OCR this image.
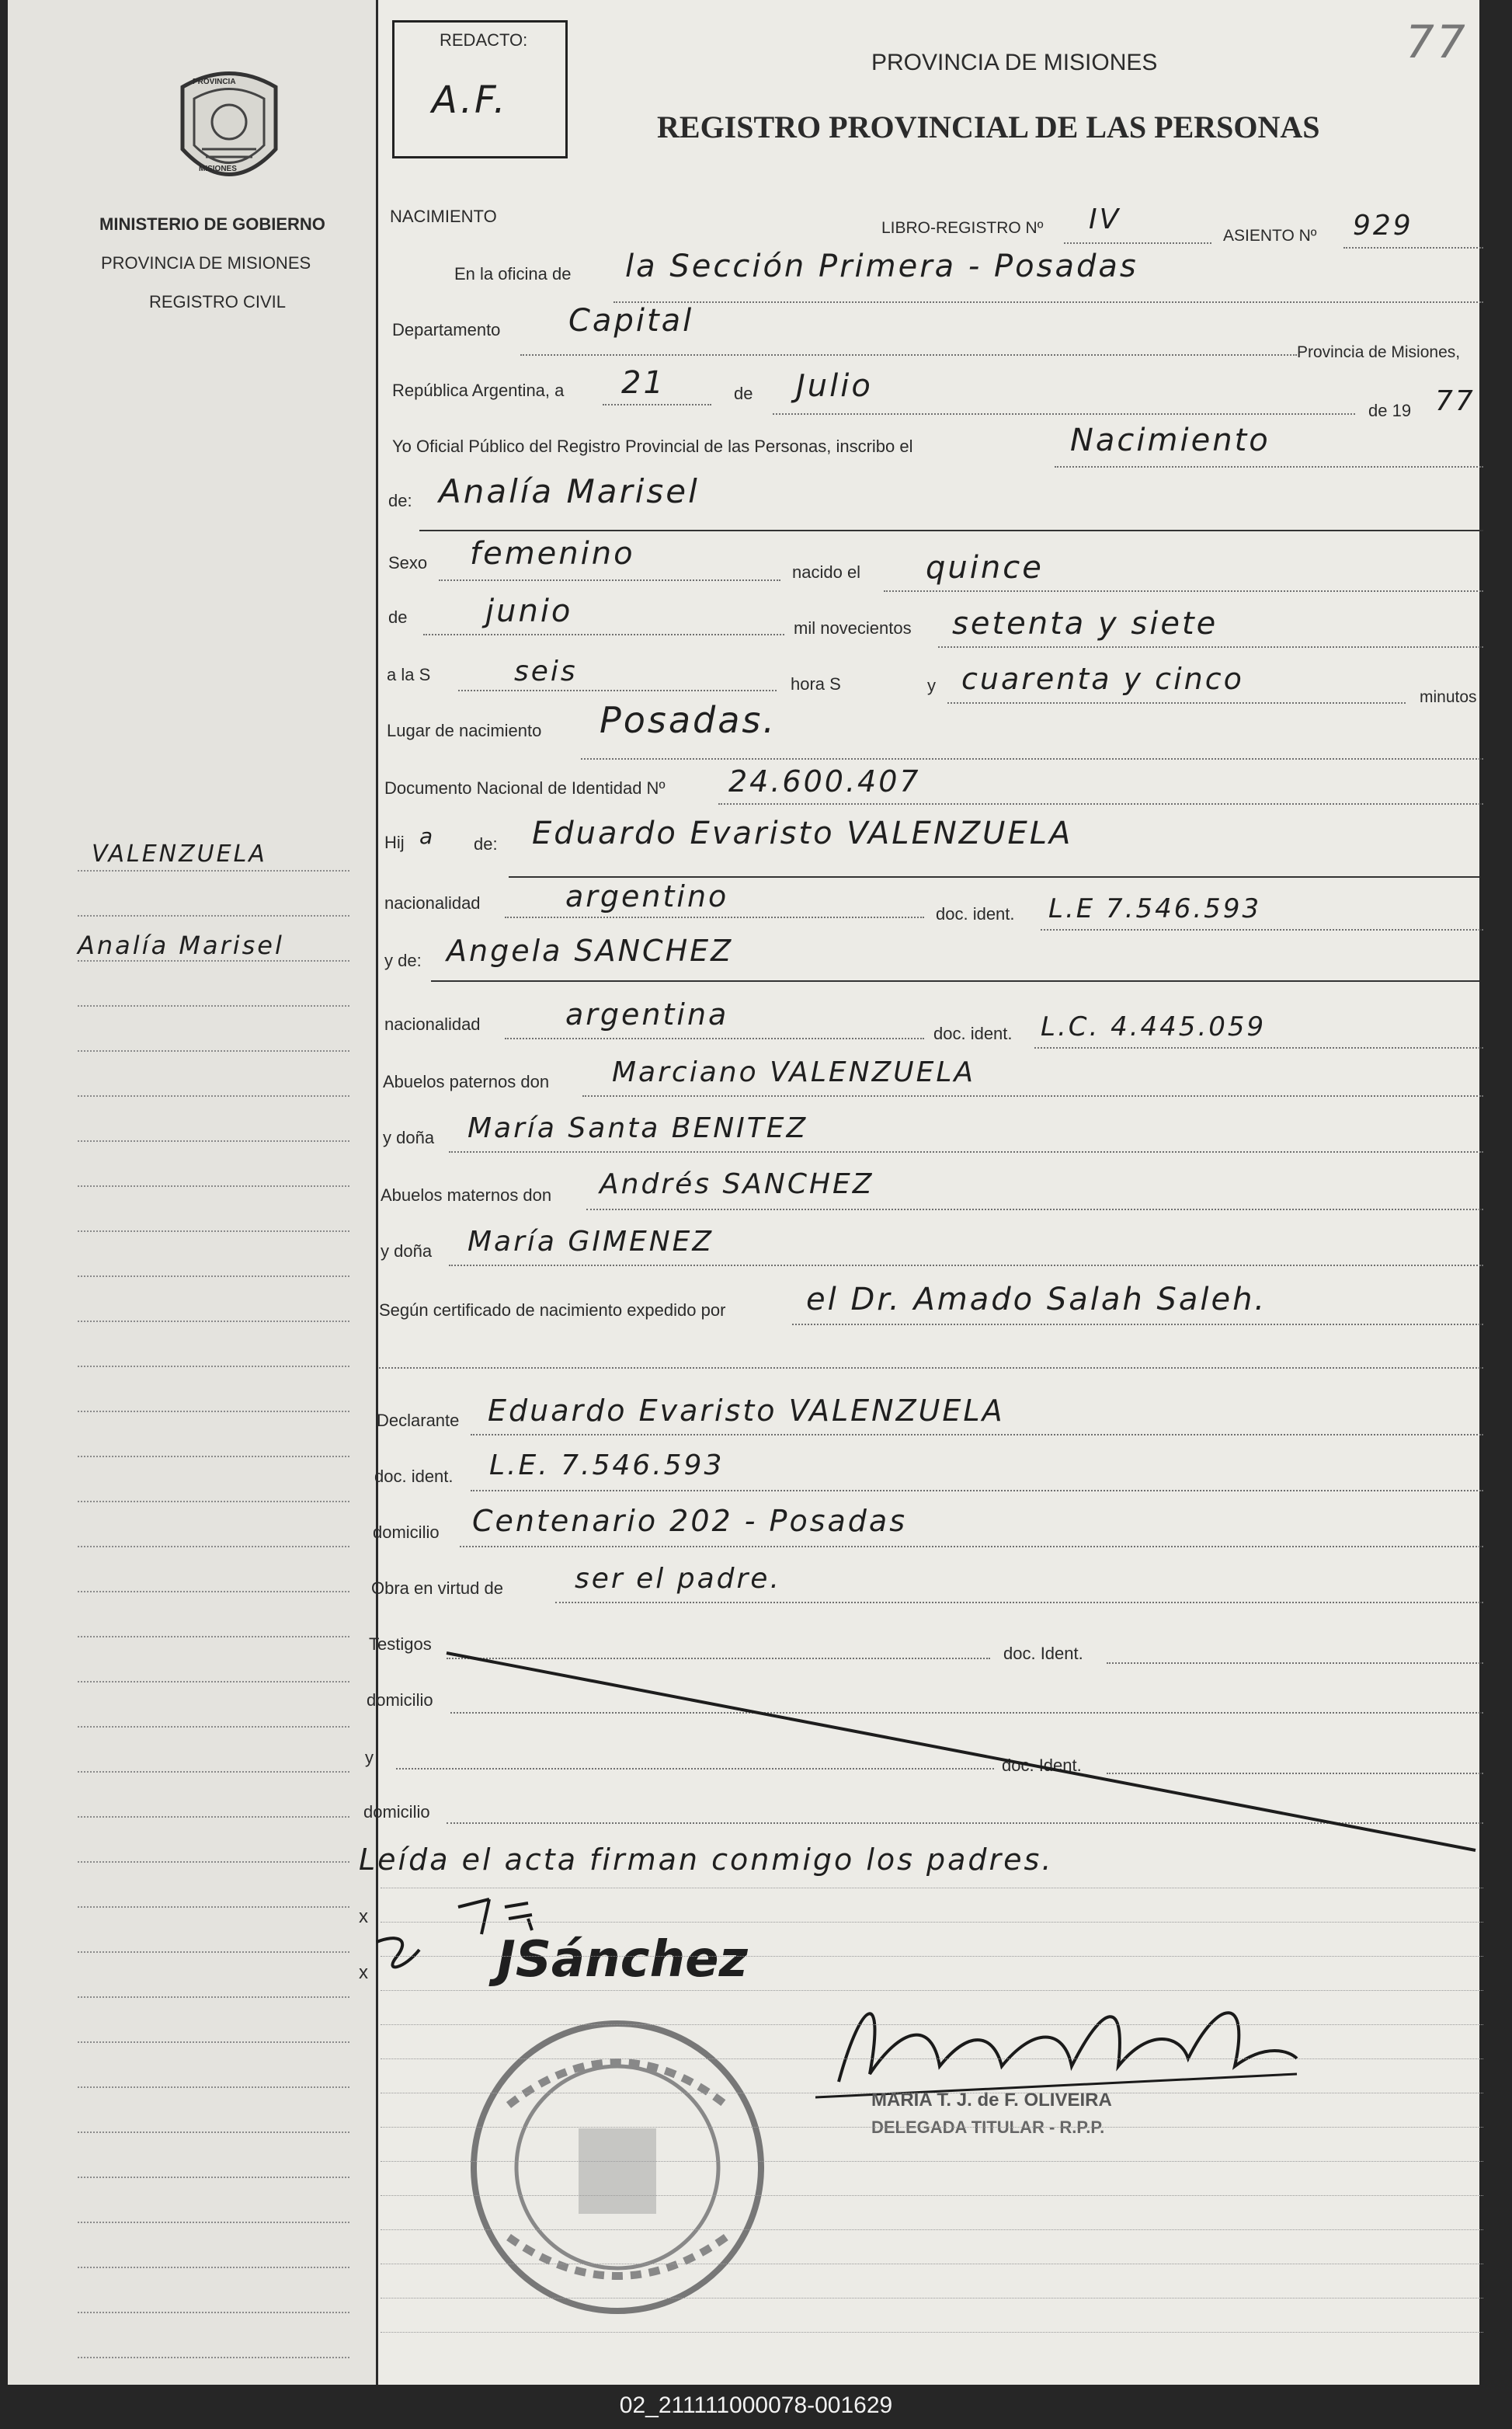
PROVINCIA
MISIONES
MINISTERIO DE GOBIERNO
PROVINCIA DE MISIONES
REGISTRO CIVIL
VALENZUELA
Analía Marisel
REDACTO:
A.F.
77
PROVINCIA DE MISIONES
REGISTRO PROVINCIAL DE LAS PERSONAS
NACIMIENTO
LIBRO-REGISTRO Nº IV
ASIENTO Nº 929
En la oficina de la Sección Primera - Posadas
Departamento Capital
Provincia de Misiones,
República Argentina, a 21	de Julio
de 19 77
Yo Oficial Público del Registro Provincial de las Personas, inscribo el	Nacimiento
de: Analía Marisel
Sexo femenino
nacido el quince
de	junio	mil novecientos setenta y siete
a la S	seis	hora S	y cuarenta y cinco
minutos
Lugar de nacimiento Posadas.
Documento Nacional de Identidad Nº 24.600.407
Hij a de: Eduardo Evaristo VALENZUELA
nacionalidad	argentino
doc. ident. L.E 7.546.593
y de: Angela SANCHEZ
nacionalidad	argentina
doc. ident. L.C. 4.445.059
Abuelos paternos don Marciano VALENZUELA
y doña María Santa BENITEZ
Abuelos maternos don Andrés SANCHEZ
y doña María GIMENEZ
Según certificado de nacimiento expedido por	el Dr. Amado Salah Saleh.
Declarante Eduardo Evaristo VALENZUELA
doc. ident. L.E. 7.546.593
domicilio Centenario 202 - Posadas
Obra en virtud de	ser el padre.
Testigos	doc. Ident.
domicilio
y	doc. Ident.
domicilio
Leída el acta firman conmigo los padres.
x
x	JSánchez
MARIA T. J. de F. OLIVEIRA
DELEGADA TITULAR - R.P.P.
02_211111000078-001629
